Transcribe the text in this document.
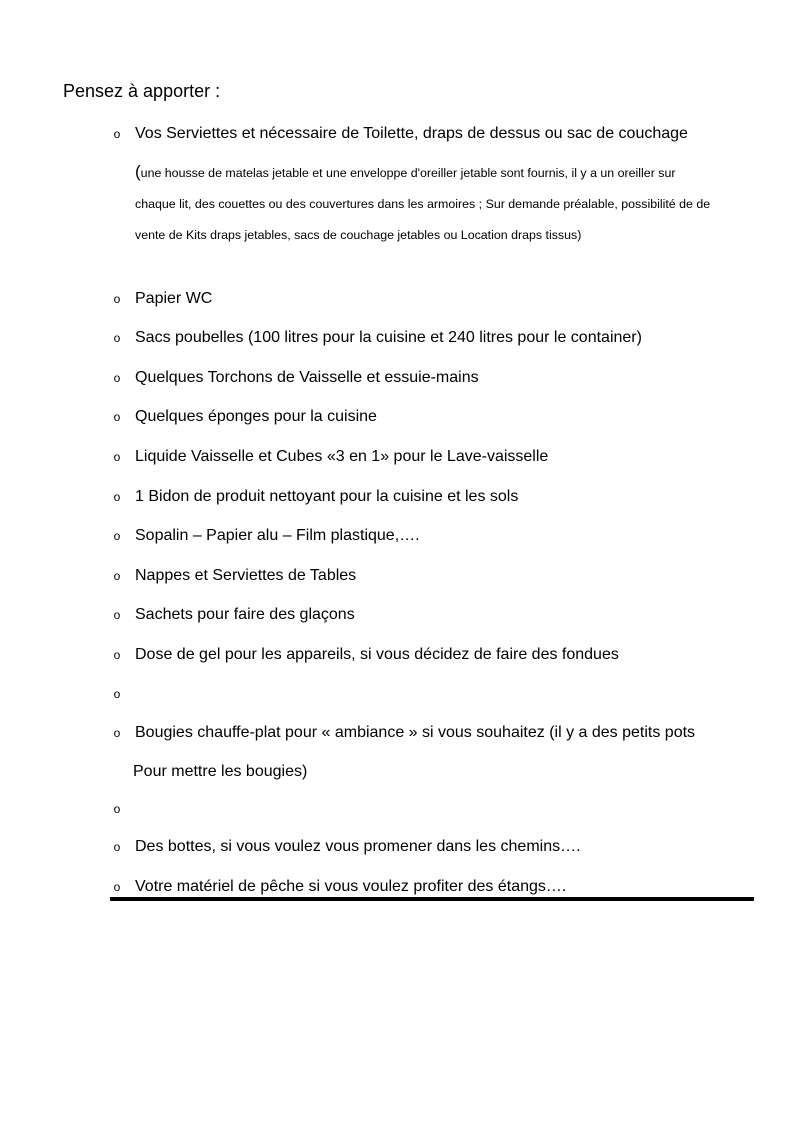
Pensez à apporter :
o Vos Serviettes et nécessaire de Toilette, draps de dessus ou sac de couchage
(une housse de matelas jetable et une enveloppe d'oreiller jetable sont fournis, il y a un oreiller sur
chaque lit, des couettes ou des couvertures dans les armoires ; Sur demande préalable, possibilité de de
vente de Kits draps jetables, sacs de couchage jetables ou Location draps tissus)
o Papier WC
o Sacs poubelles (100 litres pour la cuisine et 240 litres pour le container)
o Quelques Torchons de Vaisselle et essuie-mains
o Quelques éponges pour la cuisine
o Liquide Vaisselle et Cubes «3 en 1» pour le Lave-vaisselle
o 1 Bidon de produit nettoyant pour la cuisine et les sols
o Sopalin – Papier alu – Film plastique,….
o Nappes et Serviettes de Tables
o Sachets pour faire des glaçons
o Dose de gel pour les appareils, si vous décidez de faire des fondues
o
o Bougies chauffe-plat pour « ambiance » si vous souhaitez (il y a des petits pots
Pour mettre les bougies)
o
o Des bottes, si vous voulez vous promener dans les chemins….
o Votre matériel de pêche si vous voulez profiter des étangs….
